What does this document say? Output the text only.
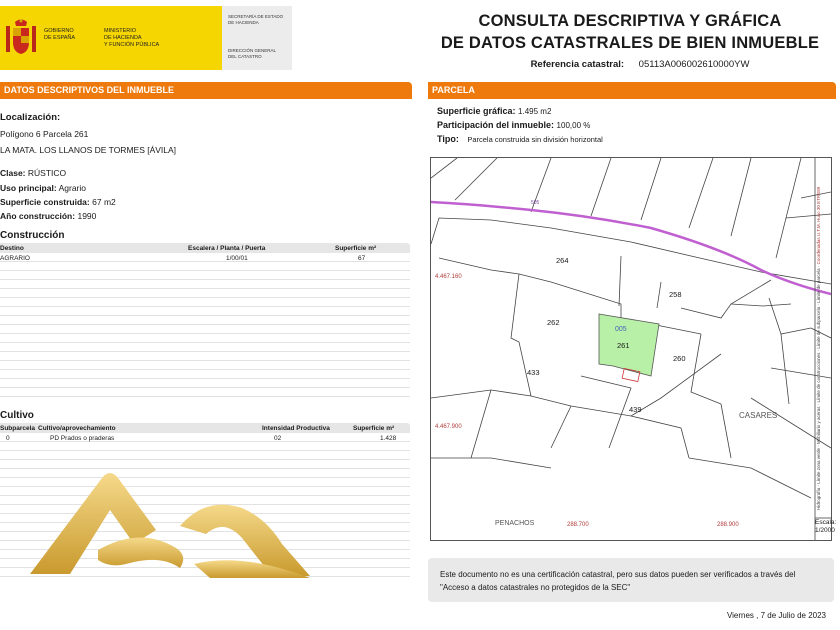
GOBIERNO
DE ESPAÑA
MINISTERIO
DE HACIENDA
Y FUNCIÓN PÚBLICA
SECRETARÍA DE ESTADO
DE HACIENDA
DIRECCIÓN GENERAL
DEL CATASTRO
CONSULTA DESCRIPTIVA Y GRÁFICA
DE DATOS CATASTRALES DE BIEN INMUEBLE
Referencia catastral: 05113A006002610000YW
DATOS DESCRIPTIVOS DEL INMUEBLE
Localización:
Polígono 6 Parcela 261
LA MATA. LOS LLANOS DE TORMES [ÁVILA]
Clase: RÚSTICO
Uso principal: Agrario
Superficie construida: 67 m2
Año construcción: 1990
Construcción
Destino	Escalera / Planta / Puerta	Superficie m²
AGRARIO	1/00/01	67
Cultivo
Subparcela Cultivo/aprovechamiento	Intensidad Productiva	Superficie m²
0	PD Prados o praderas	02	1.428
PARCELA
Superficie gráfica: 1.495 m2
Participación del inmueble: 100,00 %
Tipo: Parcela construida sin división horizontal
264
258
262
005
261
260
433
439
CASARES
PENACHOS
4.467.160
4.467.900
288.700	288.900
505
Hidrografía · Límite zona verde · Mobiliario y aceras · Límite de construcciones · Límite de subparcela · Límite de parcela · Coordenadas U.T.M. Huso 30 ETRS89
Escala:
1/2000
Este documento no es una certificación catastral, pero sus datos pueden ser verificados a través del "Acceso a datos catastrales no protegidos de la SEC"
Viernes , 7 de Julio de 2023
